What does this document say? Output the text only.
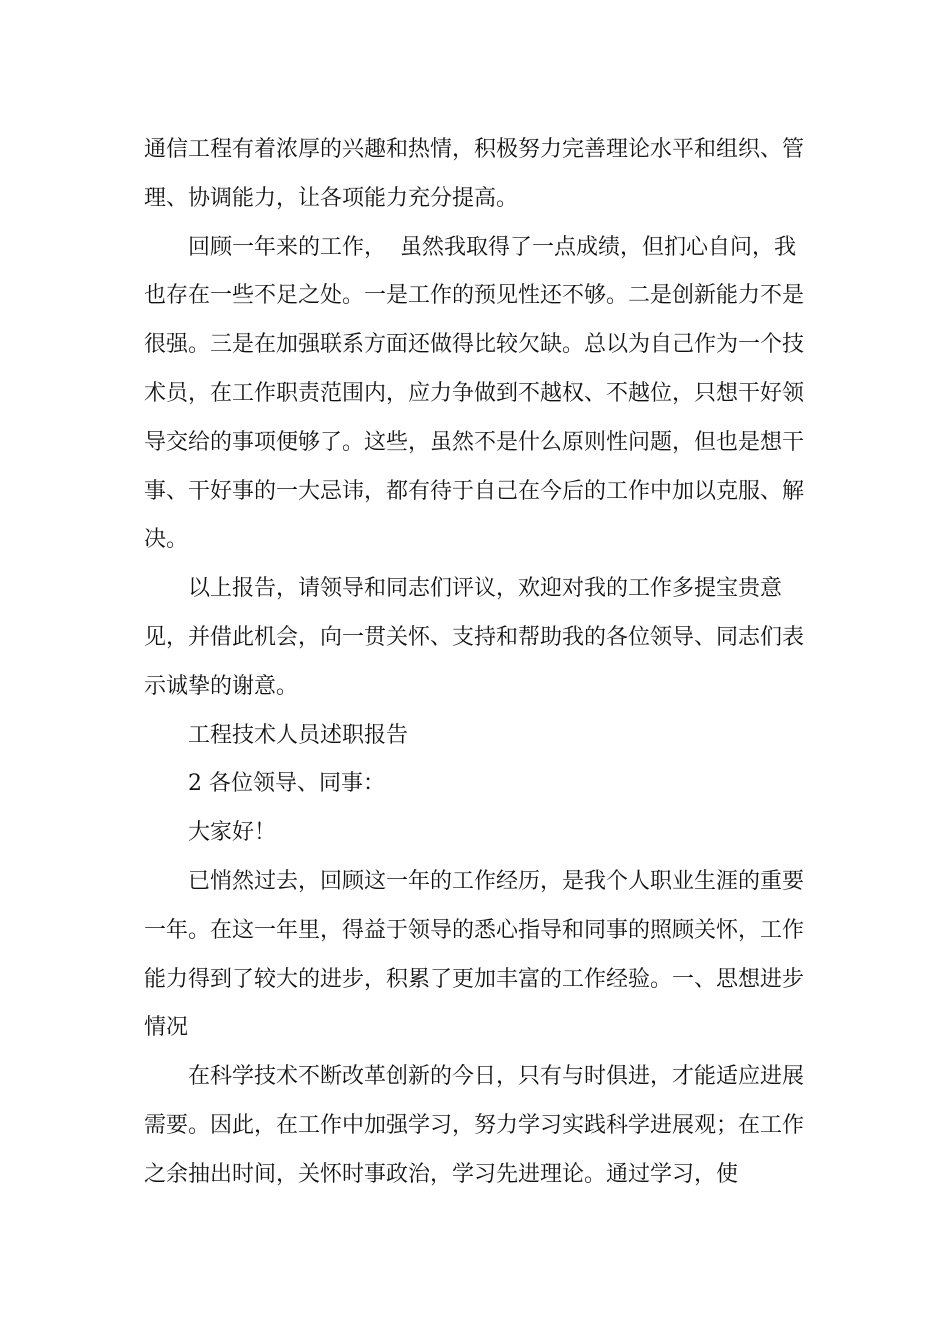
通信工程有着浓厚的兴趣和热情，积极努力完善理论水平和组织、管理、协调能力，让各项能力充分提高。

回顾一年来的工作，  虽然我取得了一点成绩，但扪心自问，我也存在一些不足之处。一是工作的预见性还不够。二是创新能力不是很强。三是在加强联系方面还做得比较欠缺。总以为自己作为一个技术员，在工作职责范围内，应力争做到不越权、不越位，只想干好领导交给的事项便够了。这些，虽然不是什么原则性问题，但也是想干事、干好事的一大忌讳，都有待于自己在今后的工作中加以克服、解决。

以上报告，请领导和同志们评议，欢迎对我的工作多提宝贵意见，并借此机会，向一贯关怀、支持和帮助我的各位领导、同志们表示诚挚的谢意。

工程技术人员述职报告

2 各位领导、同事：

大家好！

已悄然过去，回顾这一年的工作经历，是我个人职业生涯的重要一年。在这一年里，得益于领导的悉心指导和同事的照顾关怀，工作能力得到了较大的进步，积累了更加丰富的工作经验。一、思想进步情况

在科学技术不断改革创新的今日，只有与时俱进，才能适应进展需要。因此，在工作中加强学习，努力学习实践科学进展观；在工作之余抽出时间，关怀时事政治，学习先进理论。通过学习，使
